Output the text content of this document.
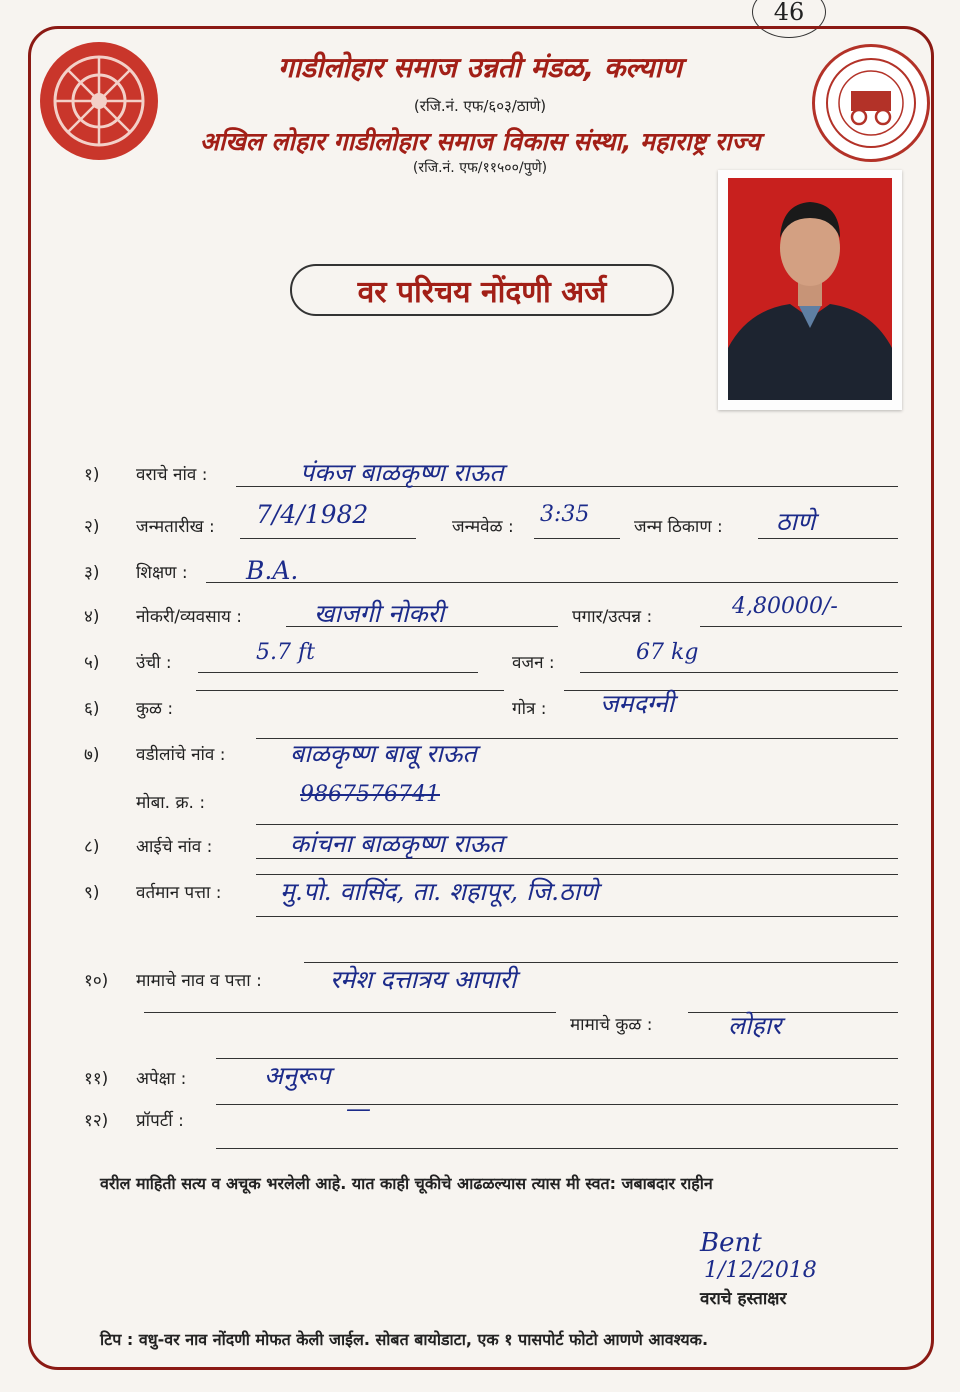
46
गाडीलोहार समाज उन्नती मंडळ, कल्याण
(रजि.नं. एफ/६०३/ठाणे)
अखिल लोहार गाडीलोहार समाज विकास संस्था, महाराष्ट्र राज्य
(रजि.नं. एफ/११५००/पुणे)
वर परिचय नोंदणी अर्ज
१) वराचे नांव :	पंकज बाळकृष्ण राऊत
२) जन्मतारीख : 7/4/1982	जन्मवेळ : 3:35	जन्म ठिकाण : ठाणे
३) शिक्षण : B.A.
४) नोकरी/व्यवसाय :	खाजगी नोकरी	पगार/उत्पन्न :	4,80000/-
५) उंची :	5.7 ft	वजन :	67 kg
६) कुळ :	गोत्र : जमदग्नी
७) वडीलांचे नांव :	बाळकृष्ण बाबू राऊत
मोबा. क्र. :	9867576741
८) आईचे नांव :	कांचना बाळकृष्ण राऊत
९) वर्तमान पत्ता : मु.पो. वासिंद, ता. शहापूर, जि.ठाणे
१०) मामाचे नाव व पत्ता :	रमेश दत्तात्रय आपारी
मामाचे कुळ :	लोहार
११) अपेक्षा :	अनुरूप
१२) प्रॉपर्टी :	—
वरील माहिती सत्य व अचूक भरलेली आहे. यात काही चूकीचे आढळल्यास त्यास मी स्वत: जबाबदार राहीन
Bent
1/12/2018
वराचे हस्ताक्षर
टिप : वधु-वर नाव नोंदणी मोफत केली जाईल. सोबत बायोडाटा, एक १ पासपोर्ट फोटो आणणे आवश्यक.
